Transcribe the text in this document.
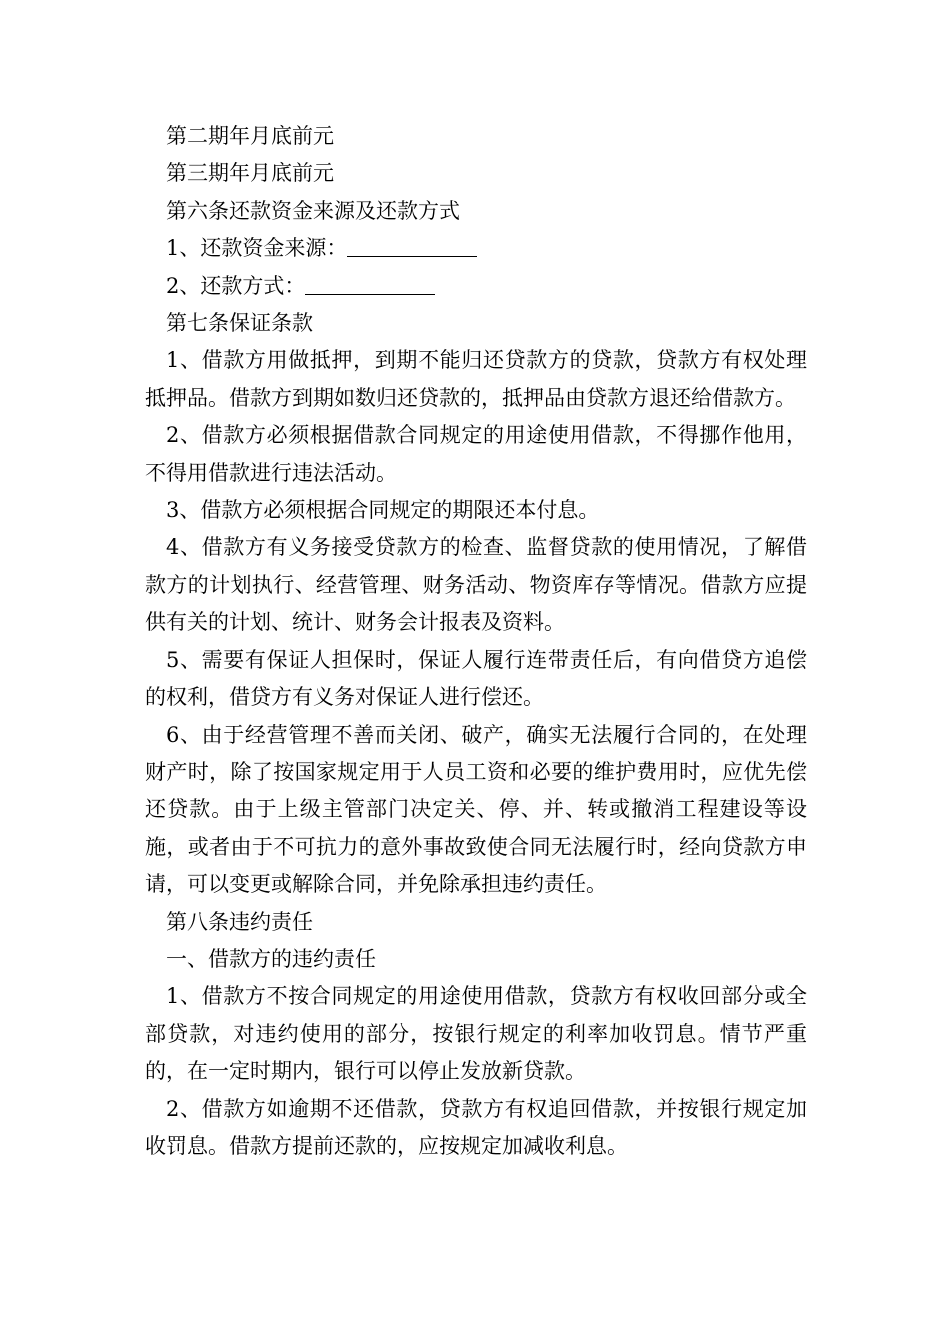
第二期年月底前元

第三期年月底前元

第六条还款资金来源及还款方式

1、还款资金来源：

2、还款方式：

第七条保证条款

1、借款方用做抵押，到期不能归还贷款方的贷款，贷款方有权处理抵押品。借款方到期如数归还贷款的，抵押品由贷款方退还给借款方。

2、借款方必须根据借款合同规定的用途使用借款，不得挪作他用，不得用借款进行违法活动。

3、借款方必须根据合同规定的期限还本付息。

4、借款方有义务接受贷款方的检查、监督贷款的使用情况，了解借款方的计划执行、经营管理、财务活动、物资库存等情况。借款方应提供有关的计划、统计、财务会计报表及资料。

5、需要有保证人担保时，保证人履行连带责任后，有向借贷方追偿的权利，借贷方有义务对保证人进行偿还。

6、由于经营管理不善而关闭、破产，确实无法履行合同的，在处理财产时，除了按国家规定用于人员工资和必要的维护费用时，应优先偿还贷款。由于上级主管部门决定关、停、并、转或撤消工程建设等设施，或者由于不可抗力的意外事故致使合同无法履行时，经向贷款方申请，可以变更或解除合同，并免除承担违约责任。

第八条违约责任

一、借款方的违约责任

1、借款方不按合同规定的用途使用借款，贷款方有权收回部分或全部贷款，对违约使用的部分，按银行规定的利率加收罚息。情节严重的，在一定时期内，银行可以停止发放新贷款。

2、借款方如逾期不还借款，贷款方有权追回借款，并按银行规定加收罚息。借款方提前还款的，应按规定加减收利息。
